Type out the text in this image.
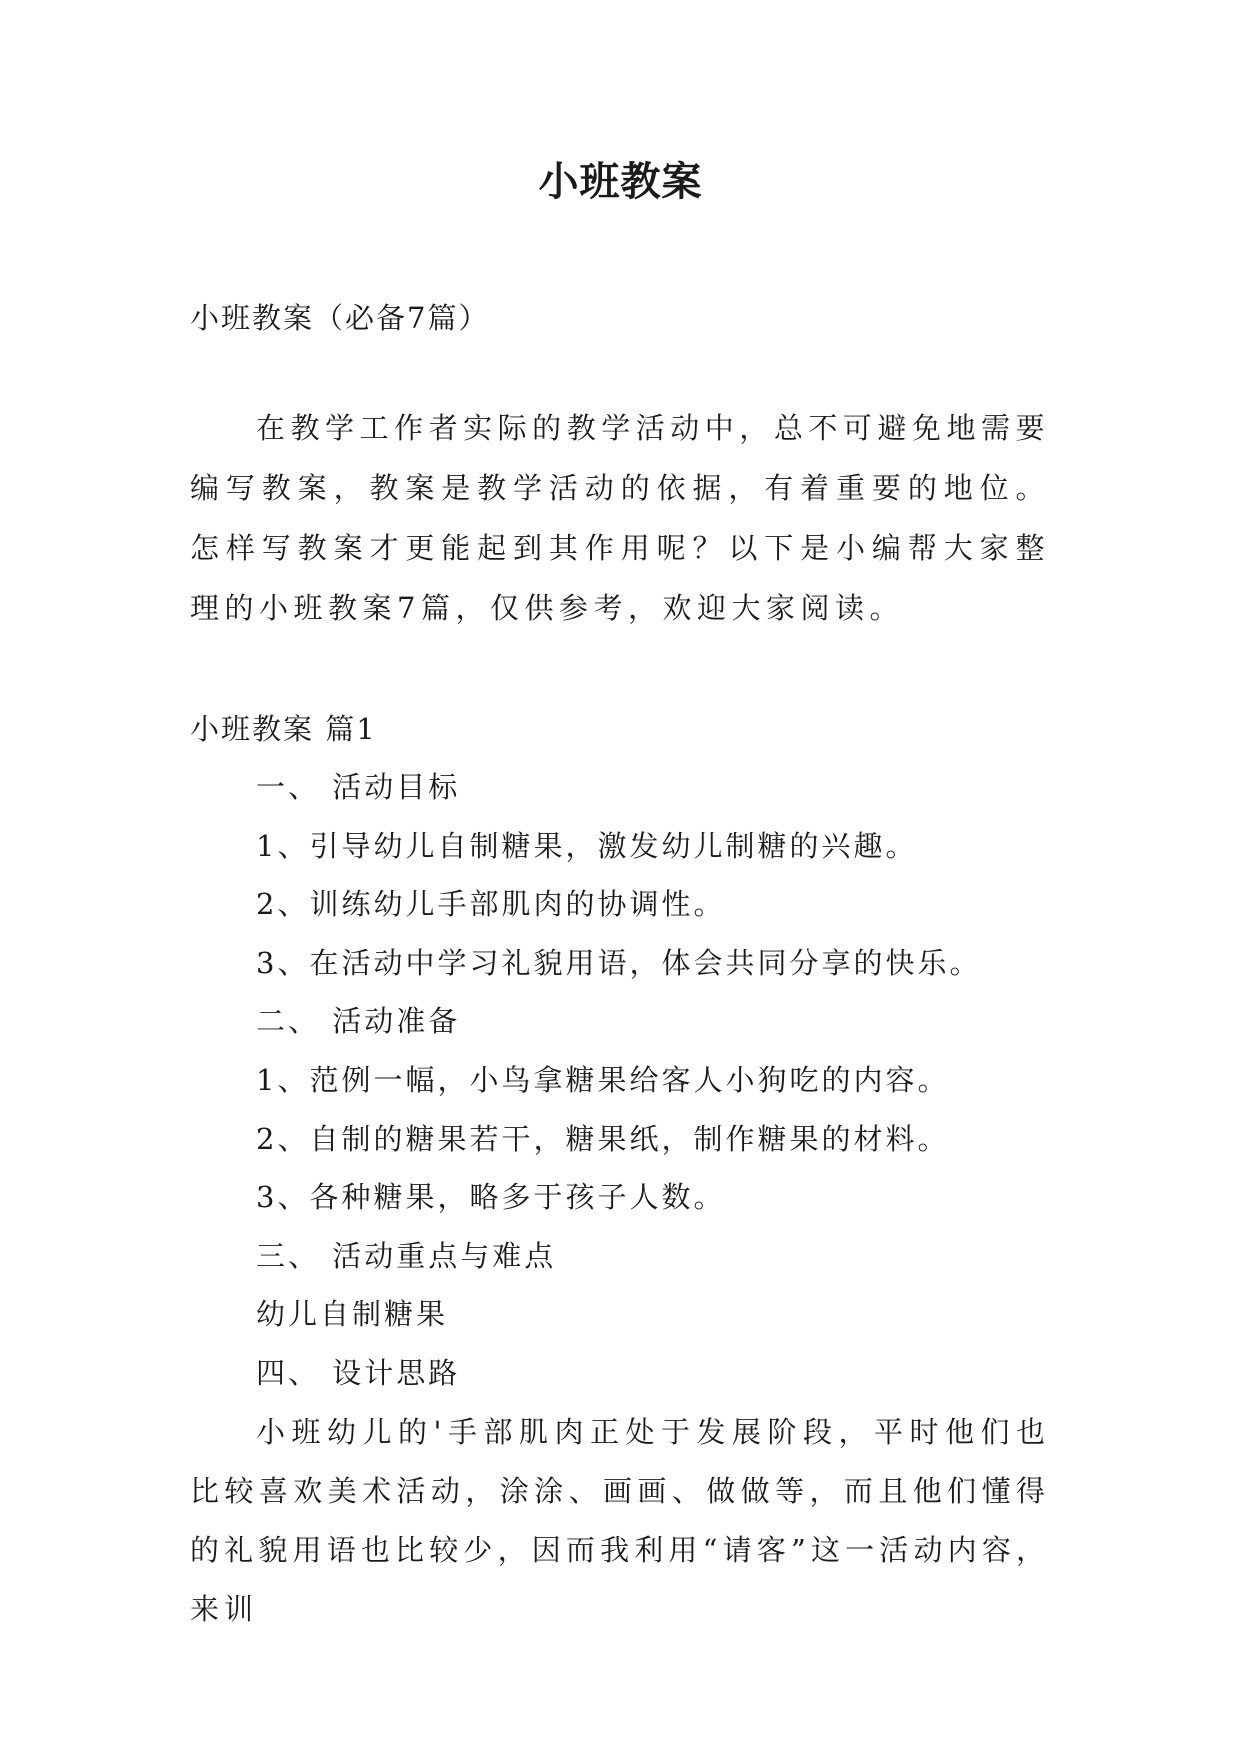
小班教案

小班教案（必备7篇）

在教学工作者实际的教学活动中，总不可避免地需要编写教案，教案是教学活动的依据，有着重要的地位。怎样写教案才更能起到其作用呢？以下是小编帮大家整理的小班教案7篇，仅供参考，欢迎大家阅读。

小班教案 篇1

一、 活动目标

1、引导幼儿自制糖果，激发幼儿制糖的兴趣。

2、训练幼儿手部肌肉的协调性。

3、在活动中学习礼貌用语，体会共同分享的快乐。

二、 活动准备

1、范例一幅，小鸟拿糖果给客人小狗吃的内容。

2、自制的糖果若干，糖果纸，制作糖果的材料。

3、各种糖果，略多于孩子人数。

三、 活动重点与难点

幼儿自制糖果

四、 设计思路

小班幼儿的'手部肌肉正处于发展阶段，平时他们也比较喜欢美术活动，涂涂、画画、做做等，而且他们懂得的礼貌用语也比较少，因而我利用“请客”这一活动内容，来训
